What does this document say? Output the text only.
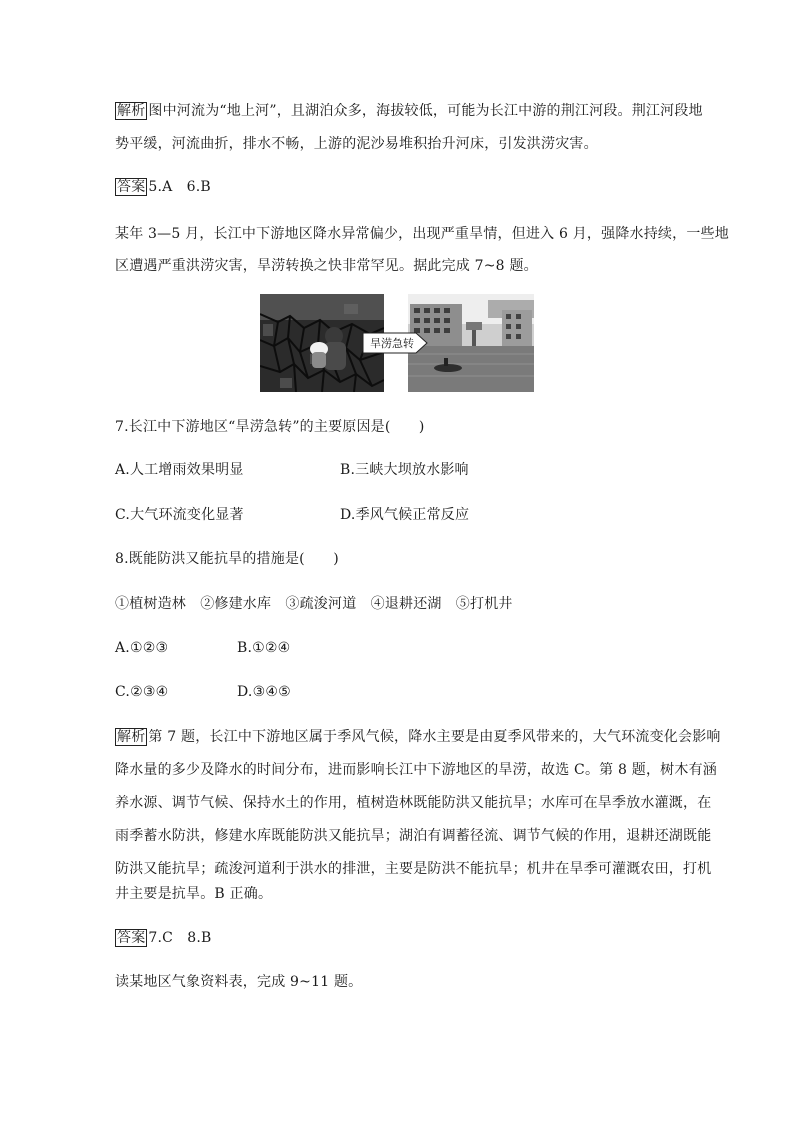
解析 图中河流为“地上河”，且湖泊众多，海拔较低，可能为长江中游的荆江河段。荆江河段地
势平缓，河流曲折，排水不畅，上游的泥沙易堆积抬升河床，引发洪涝灾害。
答案 5.A　6.B
某年 3—5 月，长江中下游地区降水异常偏少，出现严重旱情，但进入 6 月，强降水持续，一些地
区遭遇严重洪涝灾害，旱涝转换之快非常罕见。据此完成 7~8 题。
旱涝急转
7.长江中下游地区“旱涝急转”的主要原因是(　　)
A.人工增雨效果明显	B.三峡大坝放水影响
C.大气环流变化显著	D.季风气候正常反应
8.既能防洪又能抗旱的措施是(　　)
①植树造林　②修建水库　③疏浚河道　④退耕还湖　⑤打机井
A.①②③	B.①②④
C.②③④	D.③④⑤
解析 第 7 题，长江中下游地区属于季风气候，降水主要是由夏季风带来的，大气环流变化会影响
降水量的多少及降水的时间分布，进而影响长江中下游地区的旱涝，故选 C。第 8 题，树木有涵
养水源、调节气候、保持水土的作用，植树造林既能防洪又能抗旱；水库可在旱季放水灌溉，在
雨季蓄水防洪，修建水库既能防洪又能抗旱；湖泊有调蓄径流、调节气候的作用，退耕还湖既能
防洪又能抗旱；疏浚河道利于洪水的排泄，主要是防洪不能抗旱；机井在旱季可灌溉农田，打机
井主要是抗旱。B 正确。
答案 7.C　8.B
读某地区气象资料表，完成 9~11 题。
